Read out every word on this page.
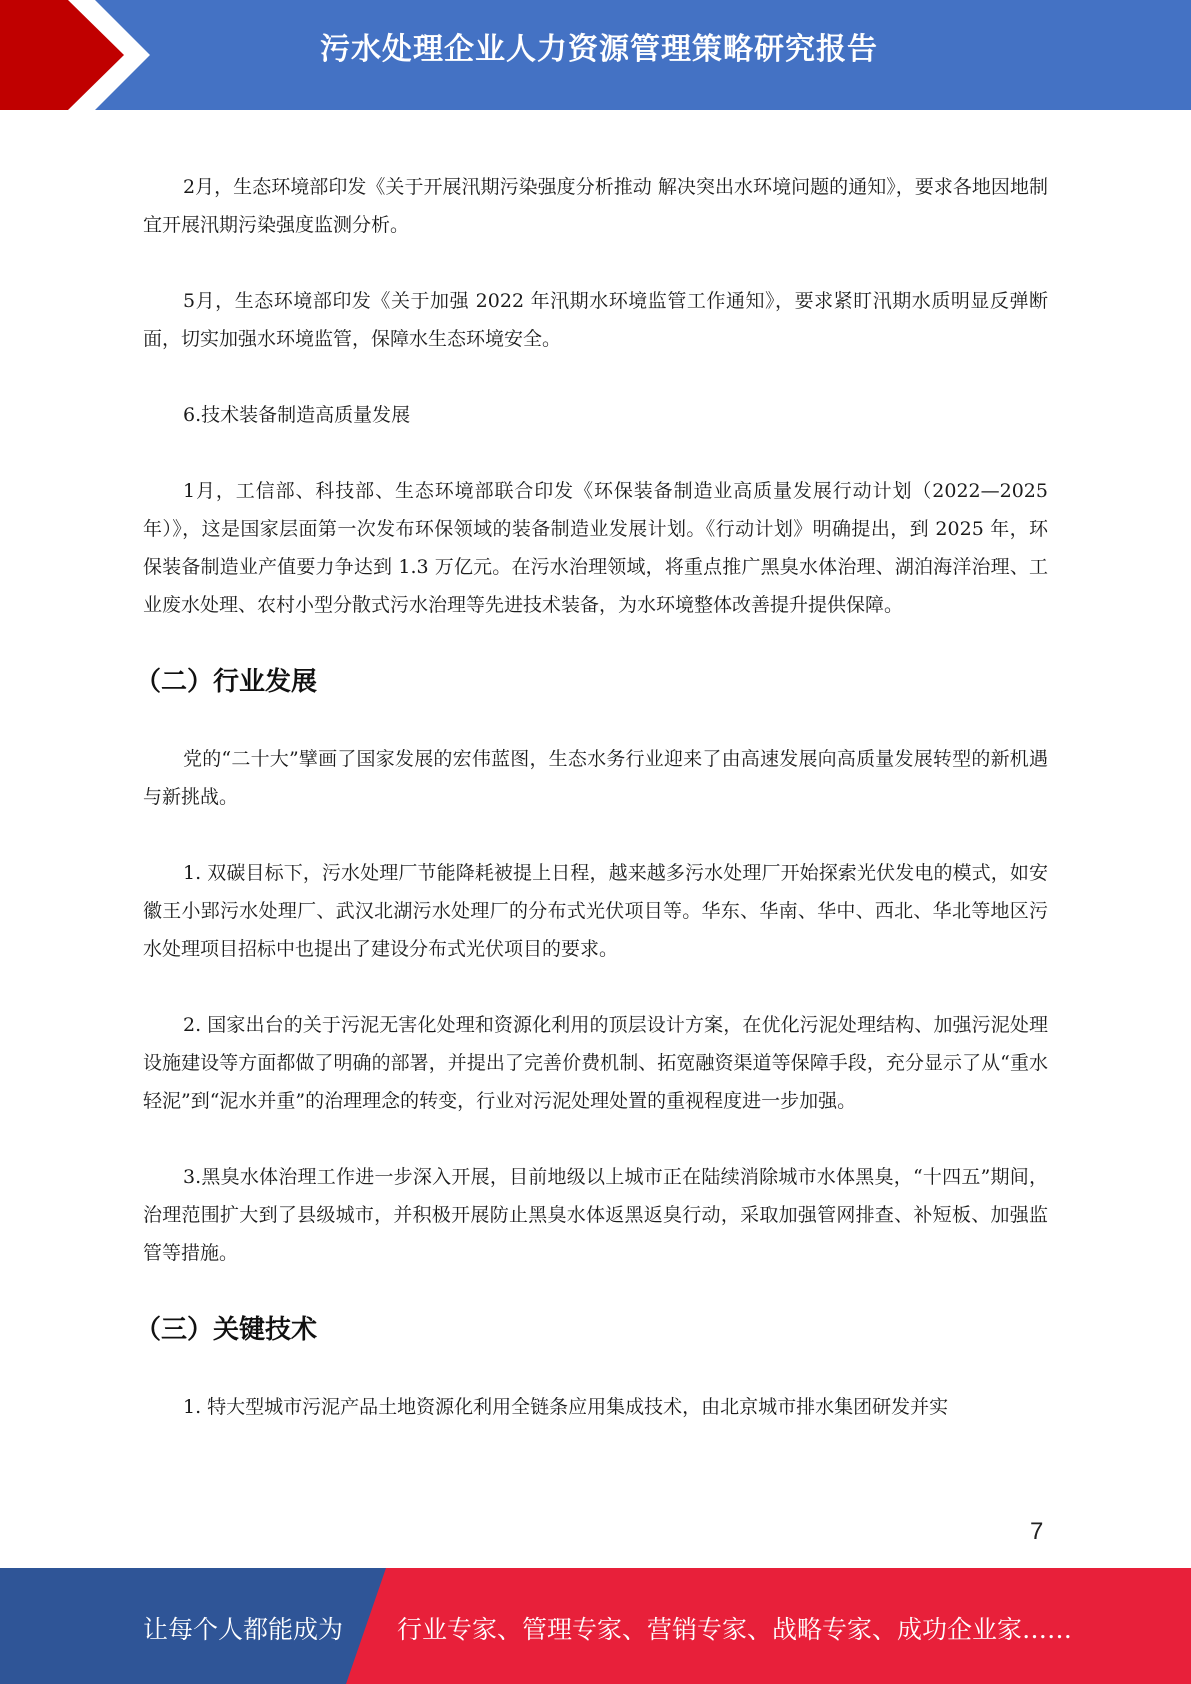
污水处理企业人力资源管理策略研究报告

2月，生态环境部印发《关于开展汛期污染强度分析推动 解决突出水环境问题的通知》，要求各地因地制宜开展汛期污染强度监测分析。

5月，生态环境部印发《关于加强 2022 年汛期水环境监管工作通知》，要求紧盯汛期水质明显反弹断面，切实加强水环境监管，保障水生态环境安全。

6.技术装备制造高质量发展

1月，工信部、科技部、生态环境部联合印发《环保装备制造业高质量发展行动计划（2022—2025 年）》，这是国家层面第一次发布环保领域的装备制造业发展计划。《行动计划》明确提出，到 2025 年，环保装备制造业产值要力争达到 1.3 万亿元。在污水治理领域，将重点推广黑臭水体治理、湖泊海洋治理、工业废水处理、农村小型分散式污水治理等先进技术装备，为水环境整体改善提升提供保障。

（二）行业发展

党的“二十大”擘画了国家发展的宏伟蓝图，生态水务行业迎来了由高速发展向高质量发展转型的新机遇与新挑战。

1. 双碳目标下，污水处理厂节能降耗被提上日程，越来越多污水处理厂开始探索光伏发电的模式，如安徽王小郢污水处理厂、武汉北湖污水处理厂的分布式光伏项目等。华东、华南、华中、西北、华北等地区污水处理项目招标中也提出了建设分布式光伏项目的要求。

2. 国家出台的关于污泥无害化处理和资源化利用的顶层设计方案，在优化污泥处理结构、加强污泥处理设施建设等方面都做了明确的部署，并提出了完善价费机制、拓宽融资渠道等保障手段，充分显示了从“重水轻泥”到“泥水并重”的治理理念的转变，行业对污泥处理处置的重视程度进一步加强。

3.黑臭水体治理工作进一步深入开展，目前地级以上城市正在陆续消除城市水体黑臭，“十四五”期间，治理范围扩大到了县级城市，并积极开展防止黑臭水体返黑返臭行动，采取加强管网排查、补短板、加强监管等措施。

（三）关键技术

1. 特大型城市污泥产品土地资源化利用全链条应用集成技术，由北京城市排水集团研发并实

7
让每个人都能成为 行业专家、管理专家、营销专家、战略专家、成功企业家……
